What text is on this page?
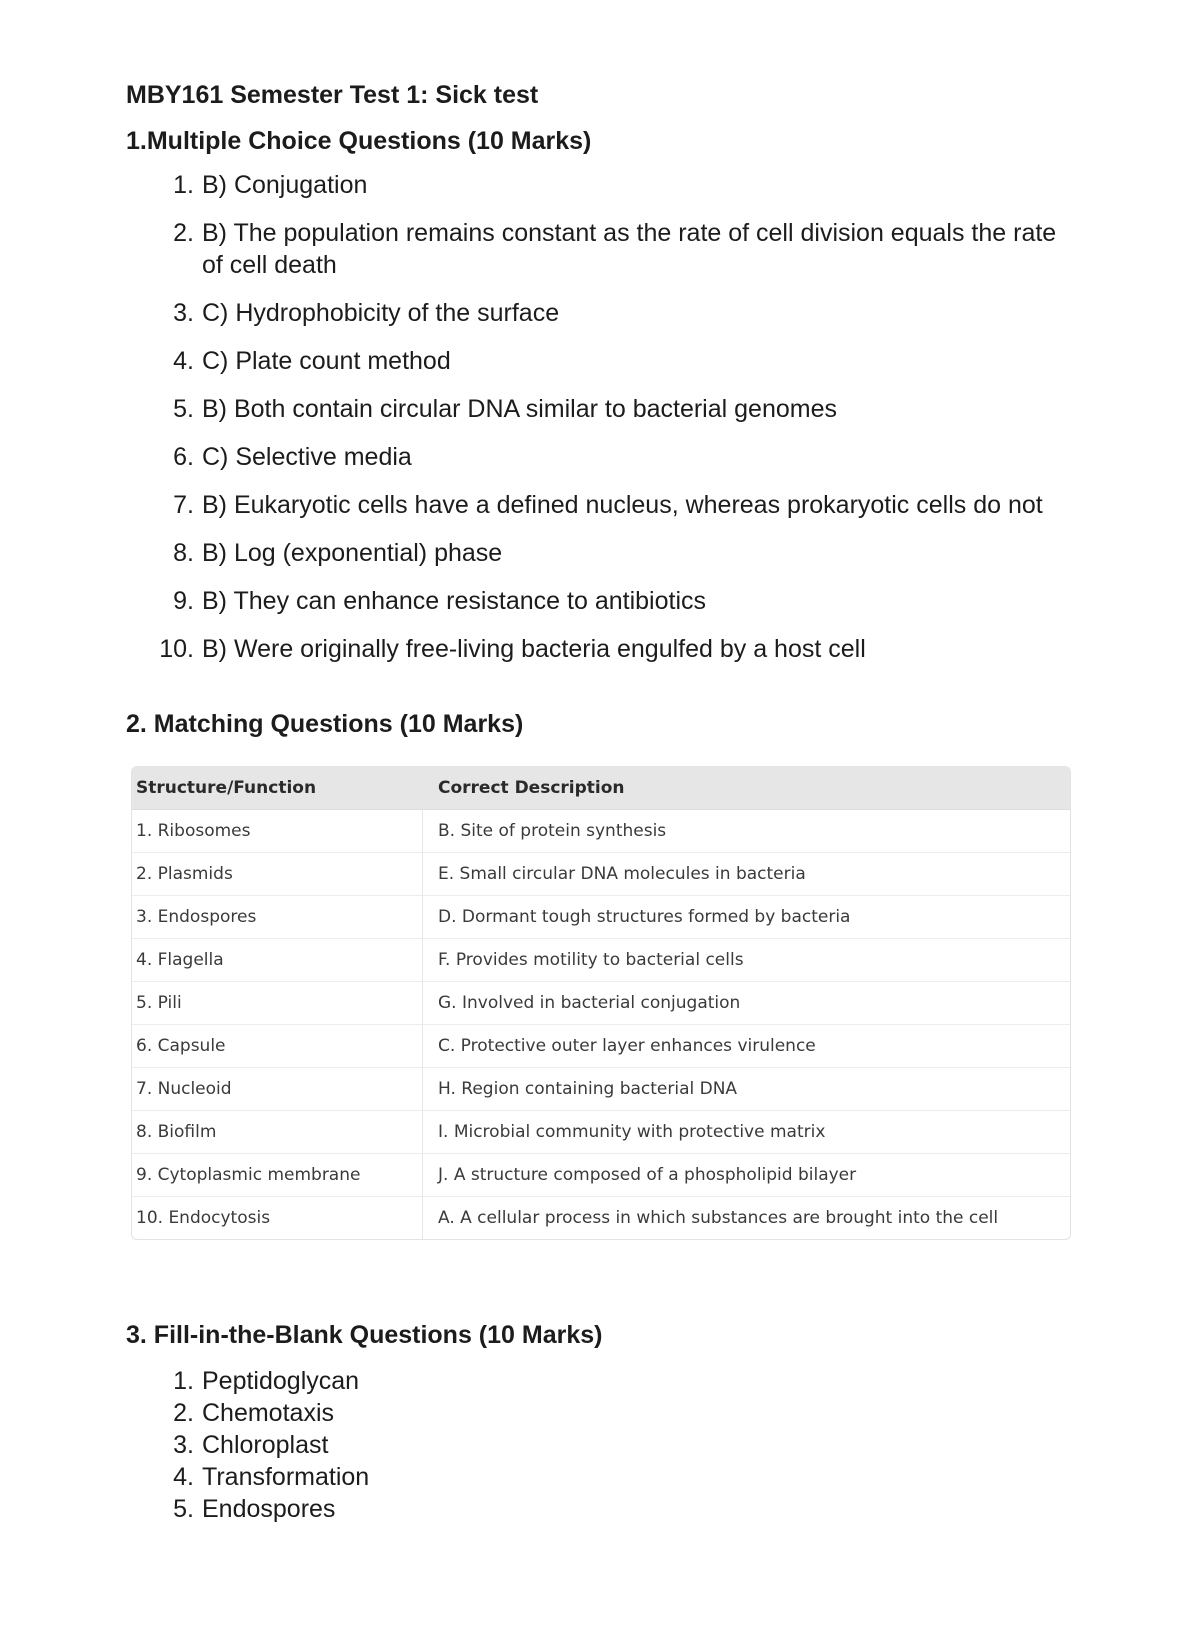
MBY161 Semester Test 1: Sick test
1.Multiple Choice Questions (10 Marks)
1. B) Conjugation
2. B) The population remains constant as the rate of cell division equals the rate of cell death
3. C) Hydrophobicity of the surface
4. C) Plate count method
5. B) Both contain circular DNA similar to bacterial genomes
6. C) Selective media
7. B) Eukaryotic cells have a defined nucleus, whereas prokaryotic cells do not
8. B) Log (exponential) phase
9. B) They can enhance resistance to antibiotics
10. B) Were originally free-living bacteria engulfed by a host cell
2. Matching Questions (10 Marks)
Structure/Function	Correct Description
1. Ribosomes	B. Site of protein synthesis
2. Plasmids	E. Small circular DNA molecules in bacteria
3. Endospores	D. Dormant tough structures formed by bacteria
4. Flagella	F. Provides motility to bacterial cells
5. Pili	G. Involved in bacterial conjugation
6. Capsule	C. Protective outer layer enhances virulence
7. Nucleoid	H. Region containing bacterial DNA
8. Biofilm	I. Microbial community with protective matrix
9. Cytoplasmic membrane	J. A structure composed of a phospholipid bilayer
10. Endocytosis	A. A cellular process in which substances are brought into the cell
3. Fill-in-the-Blank Questions (10 Marks)
1. Peptidoglycan
2. Chemotaxis
3. Chloroplast
4. Transformation
5. Endospores
